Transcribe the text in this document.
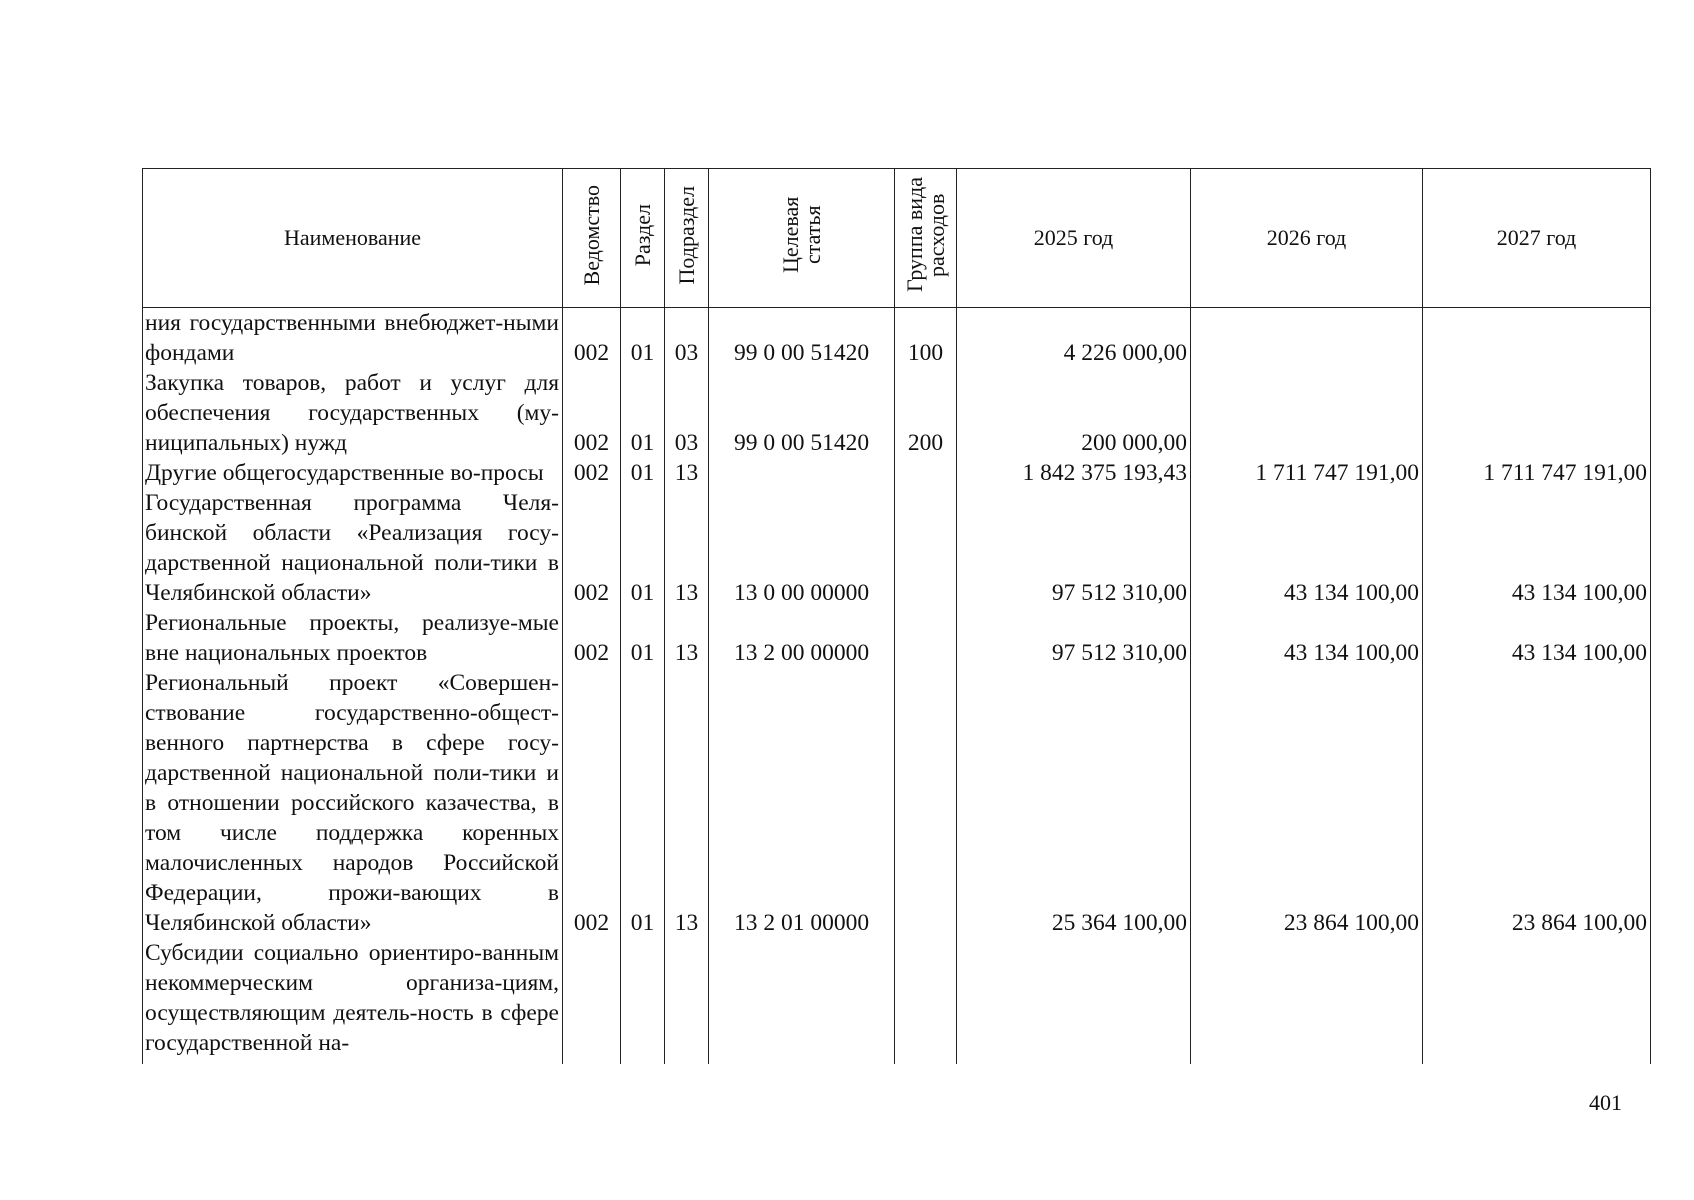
Наименование	Ведомство	Раздел	Подраздел	Целевая статья	Группа вида расходов	2025 год	2026 год	2027 год
ния государственными внебюджет-ными фондами	002	01	03	99 0 00 51420	100	4 226 000,00		
Закупка товаров, работ и услуг для обеспечения государственных (му-ниципальных) нужд	002	01	03	99 0 00 51420	200	200 000,00		
Другие общегосударственные во-просы	002	01	13			1 842 375 193,43	1 711 747 191,00	1 711 747 191,00
Государственная программа Челя-бинской области «Реализация госу-дарственной национальной поли-тики в Челябинской области»	002	01	13	13 0 00 00000		97 512 310,00	43 134 100,00	43 134 100,00
Региональные проекты, реализуе-мые вне национальных проектов	002	01	13	13 2 00 00000		97 512 310,00	43 134 100,00	43 134 100,00
Региональный проект «Совершен-ствование государственно-общест-венного партнерства в сфере госу-дарственной национальной поли-тики и в отношении российского казачества, в том числе поддержка коренных малочисленных народов Российской Федерации, прожи-вающих в Челябинской области»	002	01	13	13 2 01 00000		25 364 100,00	23 864 100,00	23 864 100,00
Субсидии социально ориентиро-ванным некоммерческим организа-циям, осуществляющим деятель-ность в сфере государственной на-								

401
